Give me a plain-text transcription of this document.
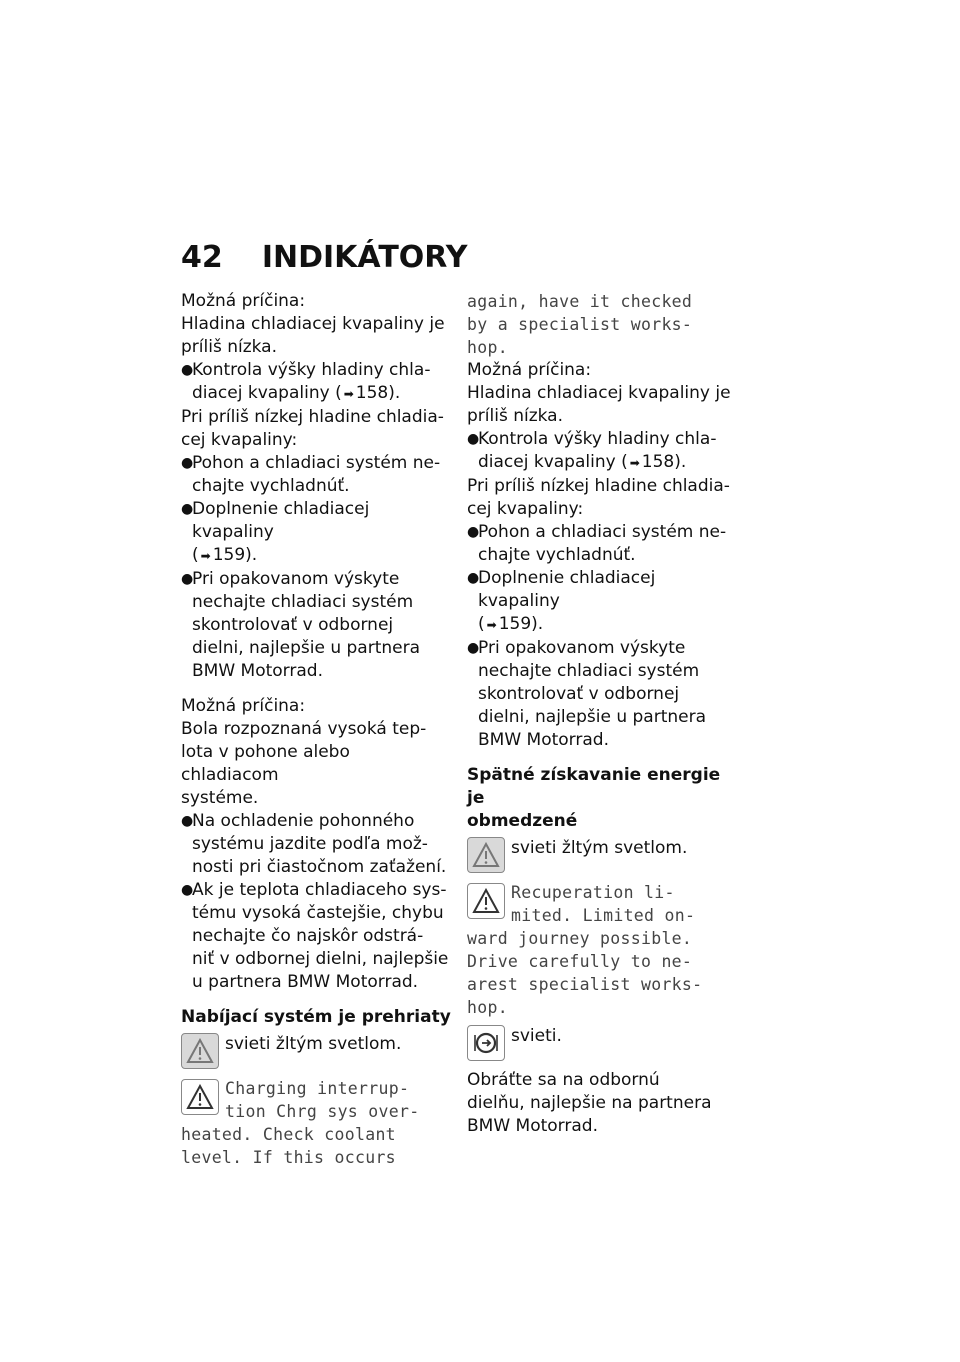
42 INDIKÁTORY

Možná príčina:

Hladina chladiacej kvapaliny je príliš nízka.

●
Kontrola výšky hladiny chla-
diacej kvapaliny ( ➡ 158).

Pri príliš nízkej hladine chladia-
cej kvapaliny:

●
Pohon a chladiaci systém ne-
chajte vychladnúť.
●
Doplnenie chladiacej kvapaliny
( ➡ 159).
●
Pri opakovanom výskyte
nechajte chladiaci systém
skontrolovať v odbornej
dielni, najlepšie u partnera
BMW Motorrad.

Možná príčina:

Bola rozpoznaná vysoká tep-
lota v pohone alebo chladiacom
systéme.

●
Na ochladenie pohonného
systému jazdite podľa mož-
nosti pri čiastočnom zaťažení.
●
Ak je teplota chladiaceho sys-
tému vysoká častejšie, chybu
nechajte čo najskôr odstrá-
niť v odbornej dielni, najlepšie
u partnera BMW Motorrad.

Nabíjací systém je prehriaty

svieti žltým svetlom.

Charging interrup-

tion Chrg sys over-

heated. Check coolant

level. If this occurs

again, have it checked

by a specialist works-

hop.

Možná príčina:

Hladina chladiacej kvapaliny je
príliš nízka.

●
Kontrola výšky hladiny chla-
diacej kvapaliny ( ➡ 158).

Pri príliš nízkej hladine chladia-
cej kvapaliny:

●
Pohon a chladiaci systém ne-
chajte vychladnúť.
●
Doplnenie chladiacej kvapaliny
( ➡ 159).
●
Pri opakovanom výskyte
nechajte chladiaci systém
skontrolovať v odbornej
dielni, najlepšie u partnera
BMW Motorrad.

Spätné získavanie energie je
obmedzené

svieti žltým svetlom.

Recuperation li-

mited. Limited on-

ward journey possible.

Drive carefully to ne-

arest specialist works-

hop.

svieti.

Obráťte sa na odbornú
dielňu, najlepšie na partnera
BMW Motorrad.
